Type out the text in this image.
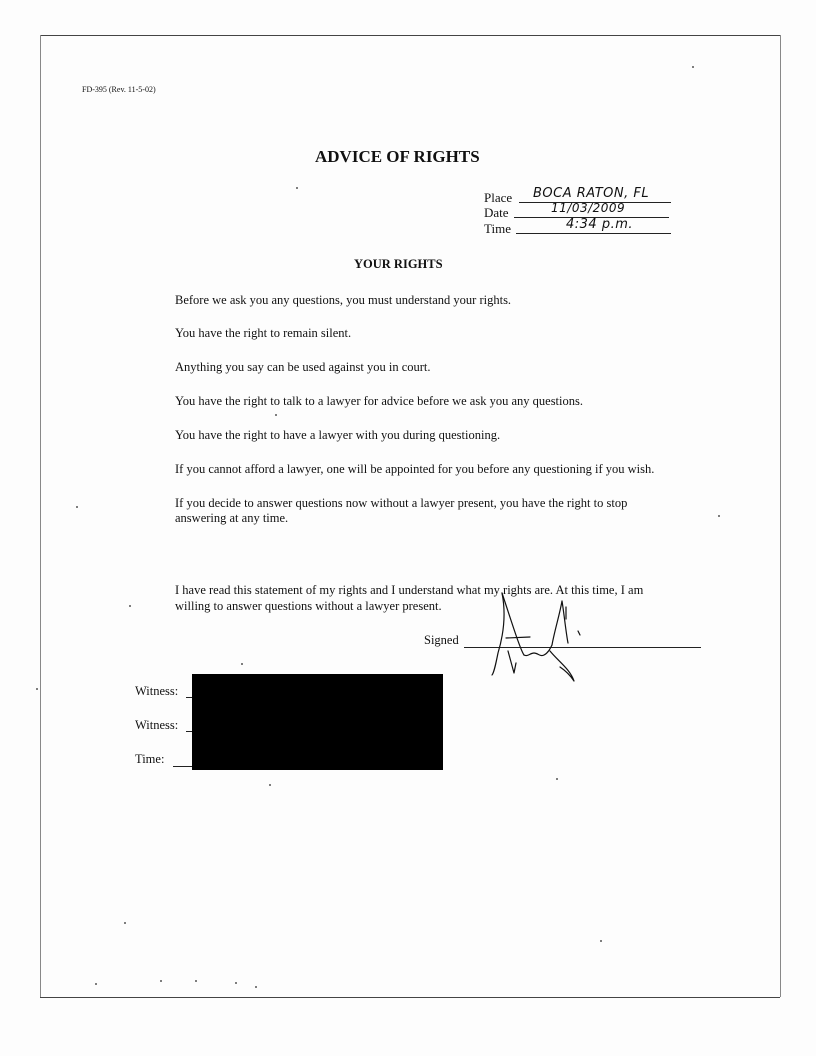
FD-395 (Rev. 11-5-02)
ADVICE OF RIGHTS
Place BOCA RATON, FL
Date	11/03/2009
Time	4:34 p.m.
YOUR RIGHTS
Before we ask you any questions, you must understand your rights.
You have the right to remain silent.
Anything you say can be used against you in court.
You have the right to talk to a lawyer for advice before we ask you any questions.
You have the right to have a lawyer with you during questioning.
If you cannot afford a lawyer, one will be appointed for you before any questioning if you wish.
If you decide to answer questions now without a lawyer present, you have the right to stop
answering at any time.
I have read this statement of my rights and I understand what my rights are. At this time, I am
willing to answer questions without a lawyer present.
Signed
Witness:
Witness:
Time:
